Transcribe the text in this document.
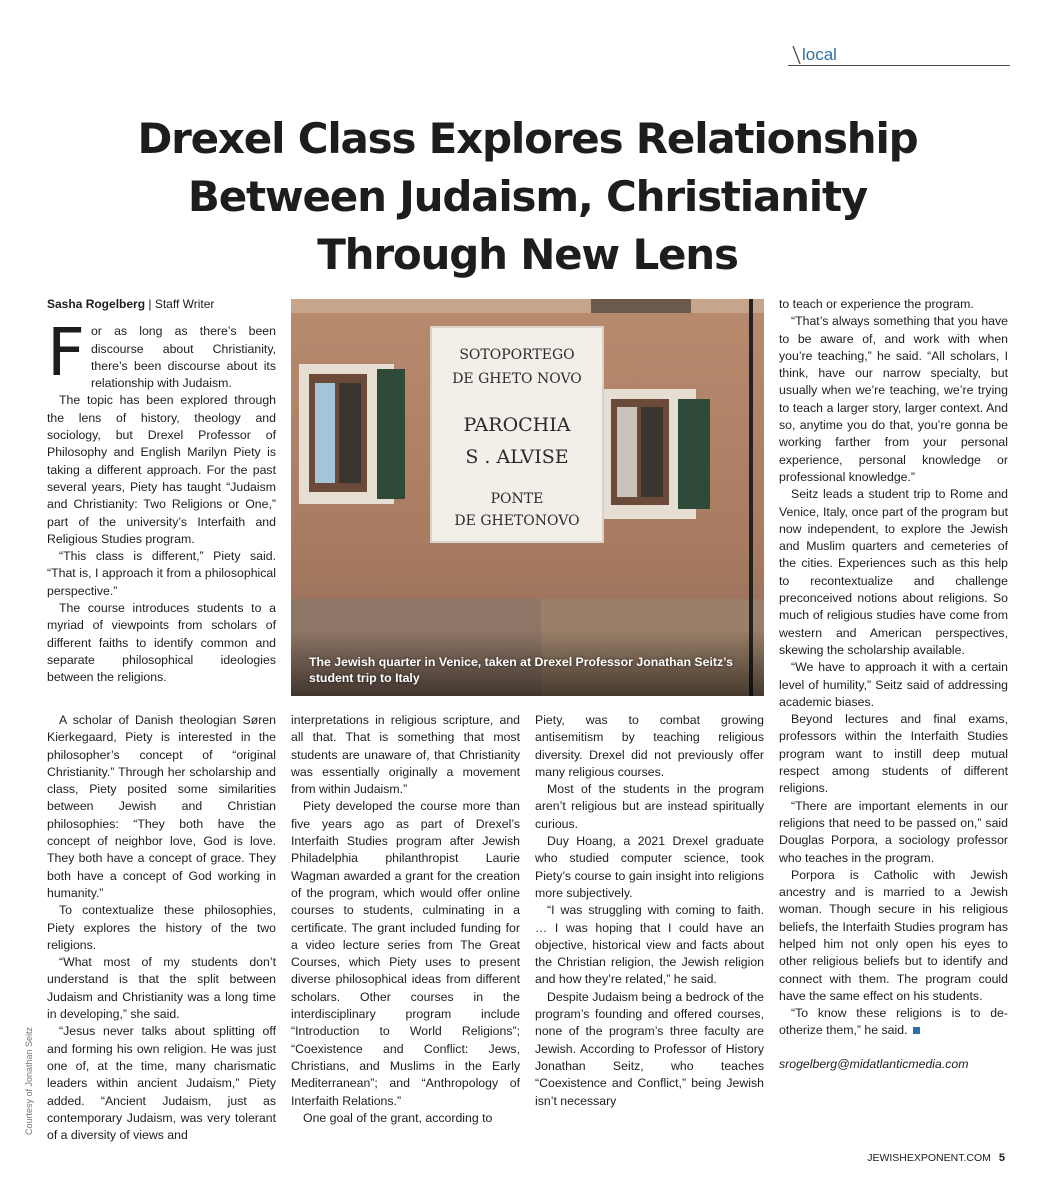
local
Drexel Class Explores Relationship
Between Judaism, Christianity
Through New Lens

Sasha Rogelberg | Staff Writer

For as long as there’s been discourse about Christianity, there’s been discourse about its relationship with Judaism.

The topic has been explored through the lens of history, theology and sociology, but Drexel Professor of Philosophy and English Marilyn Piety is taking a different approach. For the past several years, Piety has taught “Judaism and Christianity: Two Religions or One,” part of the university’s Interfaith and Religious Studies program.

“This class is different,” Piety said. “That is, I approach it from a philosophical perspective.”

The course introduces students to a myriad of viewpoints from scholars of different faiths to identify common and separate philosophical ideologies between the religions.

SOTOPORTEGO
DE GHETO NOVO
PAROCHIA
S . ALVISE
PONTE
DE GHETONOVO
The Jewish quarter in Venice, taken at Drexel Professor Jonathan Seitz’s student trip to Italy
Courtesy of Jonathan Seitz

A scholar of Danish theologian Søren Kierkegaard, Piety is interested in the philosopher’s concept of “original Christianity.” Through her scholarship and class, Piety posited some similarities between Jewish and Christian philosophies: “They both have the concept of neighbor love, God is love. They both have a concept of grace. They both have a concept of God working in humanity.”

To contextualize these philosophies, Piety explores the history of the two religions.

“What most of my students don’t understand is that the split between Judaism and Christianity was a long time in developing,” she said.

“Jesus never talks about splitting off and forming his own religion. He was just one of, at the time, many charismatic leaders within ancient Judaism,” Piety added. “Ancient Judaism, just as contemporary Judaism, was very tolerant of a diversity of views and

interpretations in religious scripture, and all that. That is something that most students are unaware of, that Christianity was essentially originally a movement from within Judaism.”

Piety developed the course more than five years ago as part of Drexel’s Interfaith Studies program after Jewish Philadelphia philanthropist Laurie Wagman awarded a grant for the creation of the program, which would offer online courses to students, culminating in a certificate. The grant included funding for a video lecture series from The Great Courses, which Piety uses to present diverse philosophical ideas from different scholars. Other courses in the interdisciplinary program include “Introduction to World Religions”; “Coexistence and Conflict: Jews, Christians, and Muslims in the Early Mediterranean”; and “Anthropology of Interfaith Relations.”

One goal of the grant, according to

Piety, was to combat growing antisemitism by teaching religious diversity. Drexel did not previously offer many religious courses.

Most of the students in the program aren’t religious but are instead spiritually curious.

Duy Hoang, a 2021 Drexel graduate who studied computer science, took Piety’s course to gain insight into religions more subjectively.

“I was struggling with coming to faith. … I was hoping that I could have an objective, historical view and facts about the Christian religion, the Jewish religion and how they’re related,” he said.

Despite Judaism being a bedrock of the program’s founding and offered courses, none of the program’s three faculty are Jewish. According to Professor of History Jonathan Seitz, who teaches “Coexistence and Conflict,” being Jewish isn’t necessary

to teach or experience the program.

“That’s always something that you have to be aware of, and work with when you’re teaching,” he said. “All scholars, I think, have our narrow specialty, but usually when we’re teaching, we’re trying to teach a larger story, larger context. And so, anytime you do that, you’re gonna be working farther from your personal experience, personal knowledge or professional knowledge.”

Seitz leads a student trip to Rome and Venice, Italy, once part of the program but now independent, to explore the Jewish and Muslim quarters and cemeteries of the cities. Experiences such as this help to recontextualize and challenge preconceived notions about religions. So much of religious studies have come from western and American perspectives, skewing the scholarship available.

“We have to approach it with a certain level of humility,” Seitz said of addressing academic biases.

Beyond lectures and final exams, professors within the Interfaith Studies program want to instill deep mutual respect among students of different religions.

“There are important elements in our religions that need to be passed on,” said Douglas Porpora, a sociology professor who teaches in the program.

Porpora is Catholic with Jewish ancestry and is married to a Jewish woman. Though secure in his religious beliefs, the Interfaith Studies program has helped him not only open his eyes to other religious beliefs but to identify and connect with them. The program could have the same effect on his students.

“To know these religions is to de-otherize them,” he said.

srogelberg@midatlanticmedia.com

JEWISHEXPONENT.COM 5
